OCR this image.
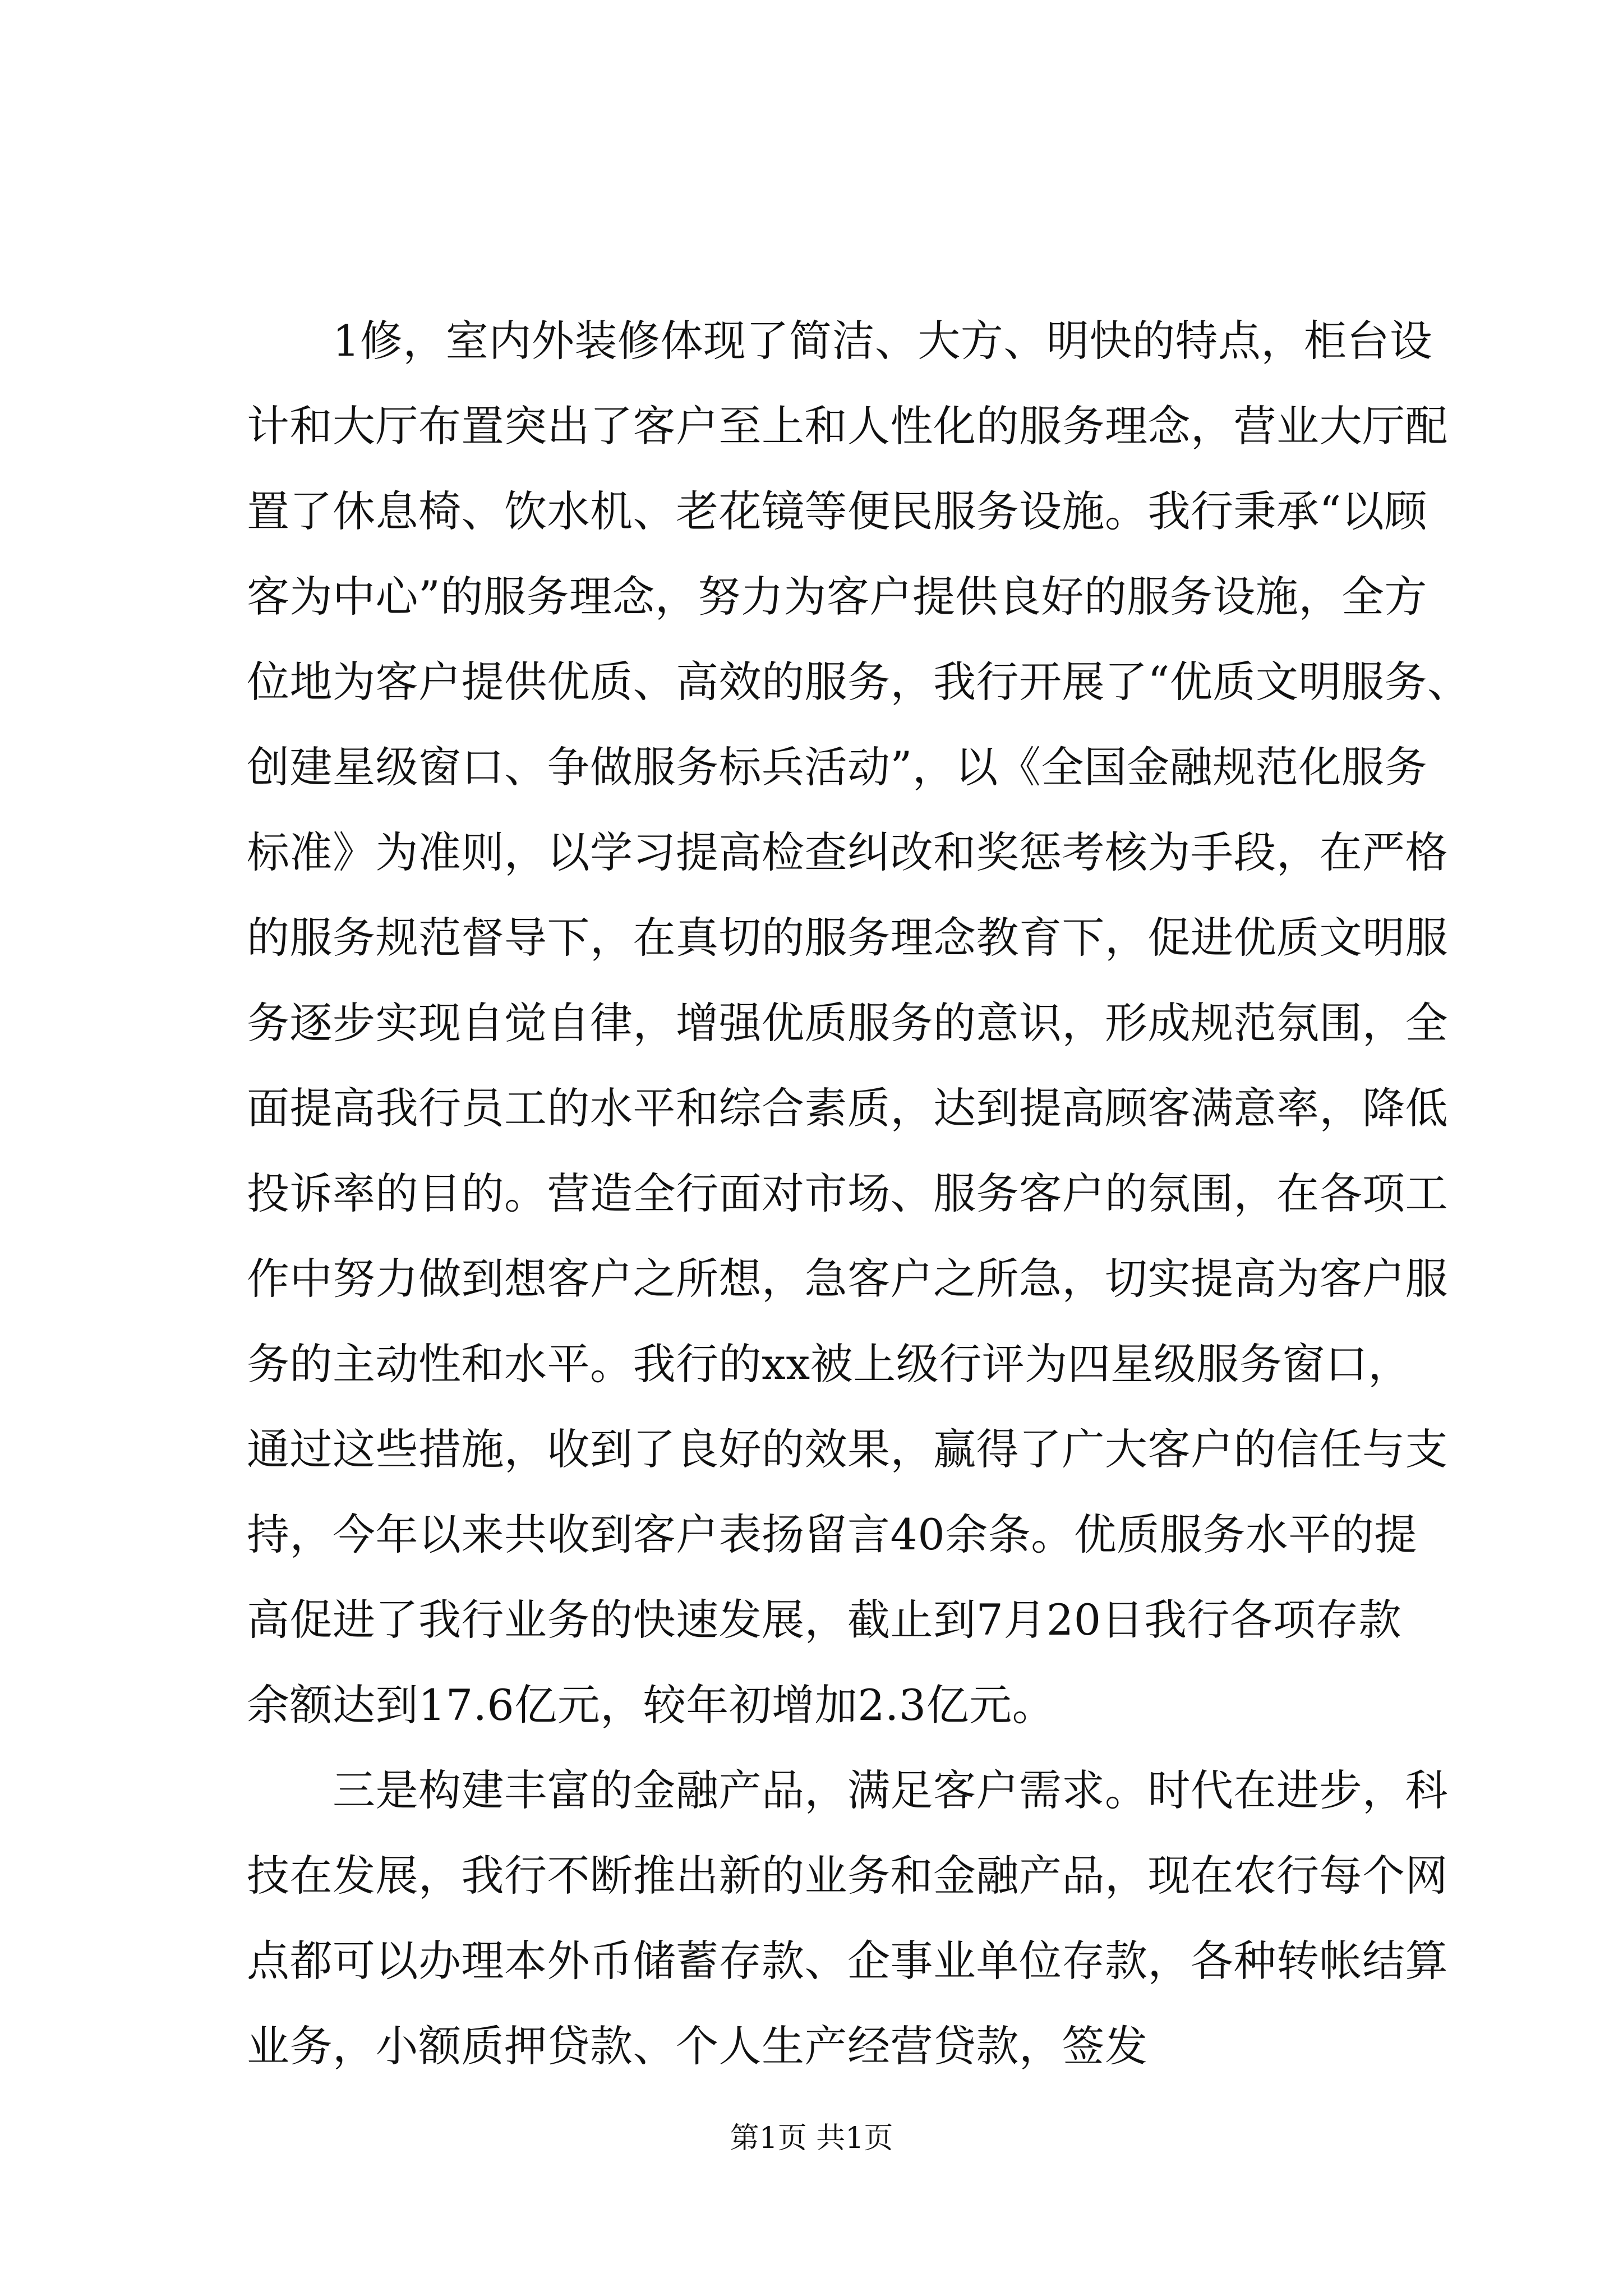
　　1修，室内外装修体现了简洁、大方、明快的特点，柜台设
计和大厅布置突出了客户至上和人性化的服务理念，营业大厅配
置了休息椅、饮水机、老花镜等便民服务设施。我行秉承“以顾
客为中心”的服务理念，努力为客户提供良好的服务设施，全方
位地为客户提供优质、高效的服务，我行开展了“优质文明服务、
创建星级窗口、争做服务标兵活动”，以《全国金融规范化服务
标准》为准则，以学习提高检查纠改和奖惩考核为手段，在严格
的服务规范督导下，在真切的服务理念教育下，促进优质文明服
务逐步实现自觉自律，增强优质服务的意识，形成规范氛围，全
面提高我行员工的水平和综合素质，达到提高顾客满意率，降低
投诉率的目的。营造全行面对市场、服务客户的氛围，在各项工
作中努力做到想客户之所想，急客户之所急，切实提高为客户服
务的主动性和水平。我行的xx被上级行评为四星级服务窗口，
通过这些措施，收到了良好的效果，赢得了广大客户的信任与支
持，今年以来共收到客户表扬留言40余条。优质服务水平的提
高促进了我行业务的快速发展，截止到7月20日我行各项存款
余额达到17.6亿元，较年初增加2.3亿元。
　　三是构建丰富的金融产品，满足客户需求。时代在进步，科
技在发展，我行不断推出新的业务和金融产品，现在农行每个网
点都可以办理本外币储蓄存款、企事业单位存款，各种转帐结算
业务，小额质押贷款、个人生产经营贷款，签发
第1页 共1页
